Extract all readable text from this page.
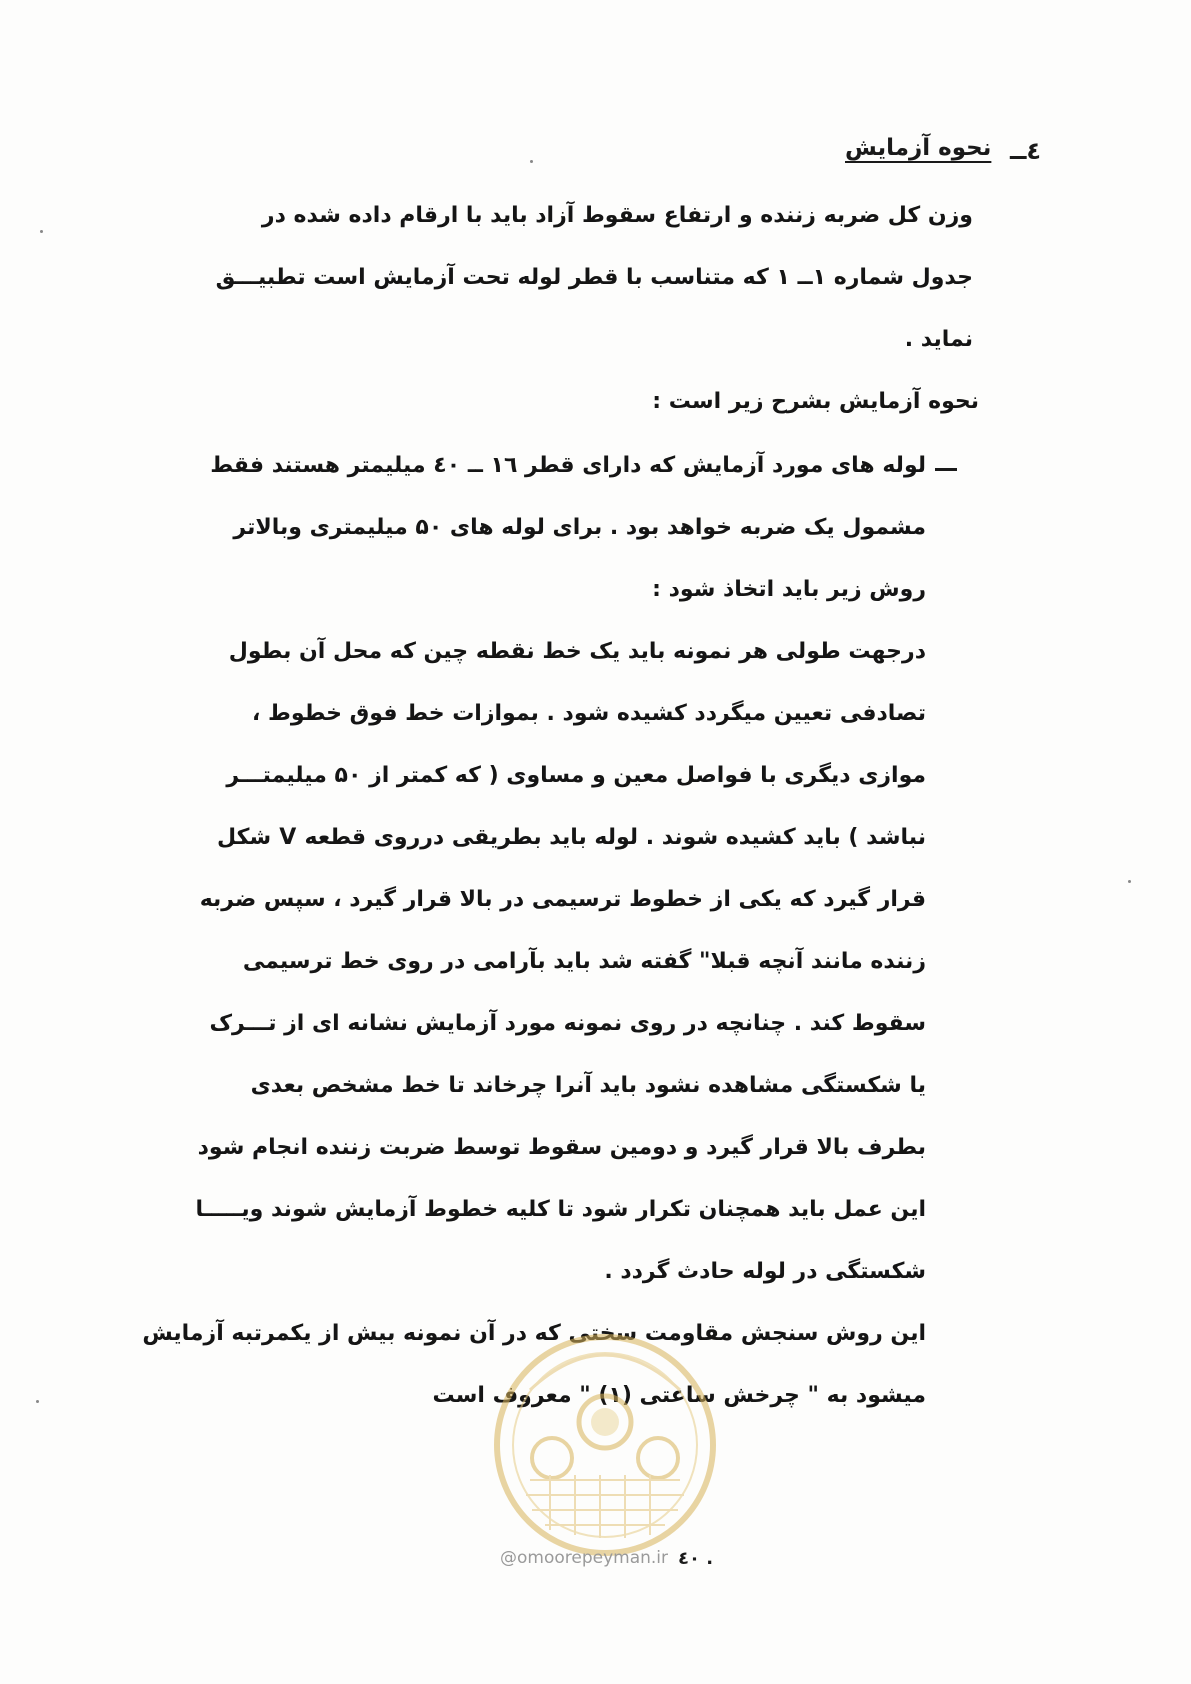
٤ــ
نحوه آزمایش
وزن کل ضربه زننده و ارتفاع سقوط آزاد باید با ارقام داده شده در
جدول شماره ۱ــ ۱ که متناسب با قطر لوله تحت آزمایش است تطبیـــق
نماید .
نحوه آزمایش بشرح زیر است :
لوله های مورد آزمایش که دارای قطر ۱٦ ــ ٤۰ میلیمتر هستند فقط
مشمول یک ضربه خواهد بود . برای لوله های ۵۰ میلیمتری وبالاتر
روش زیر باید اتخاذ شود :
درجهت طولی هر نمونه باید یک خط نقطه چین که محل آن بطول
تصادفی تعیین میگردد کشیده شود . بموازات خط فوق خطوط ،
موازی دیگری با فواصل معین و مساوی ( که کمتر از ۵۰ میلیمتـــر
نباشد ) باید کشیده شوند . لوله باید بطریقی درروی قطعه V شکل
قرار گیرد که یکی از خطوط ترسیمی در بالا قرار گیرد ، سپس ضربه
زننده مانند آنچه قبلا" گفته شد باید بآرامی در روی خط ترسیمی
سقوط کند . چنانچه در روی نمونه مورد آزمایش نشانه ای از تـــرک
یا شکستگی مشاهده نشود باید آنرا چرخاند تا خط مشخص بعدی
بطرف بالا قرار گیرد و دومین سقوط توسط ضربت زننده انجام شود
این عمل باید همچنان تکرار شود تا کلیه خطوط آزمایش شوند ویـــــا
شکستگی در لوله حادث گردد .
این روش سنجش مقاومت سختی که در آن نمونه بیش از یکمرتبه آزمایش
میشود به " چرخش ساعتی (۱) " معروف است
@omoorepeyman.ir ٤۰ .
